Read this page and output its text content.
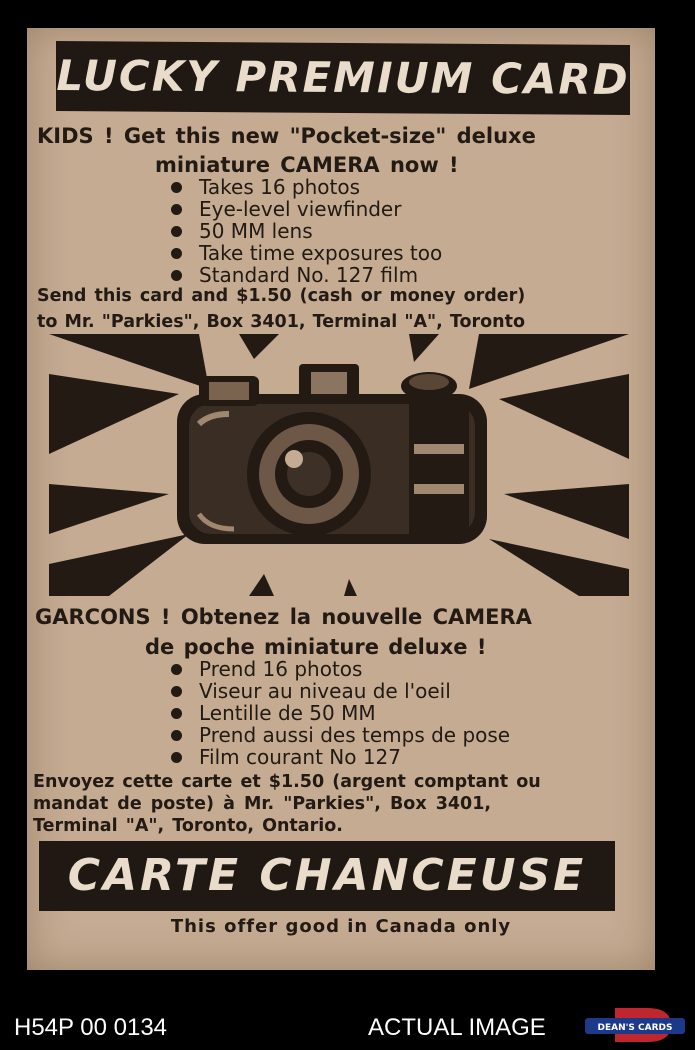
LUCKY PREMIUM CARD
KIDS ! Get this new "Pocket-size" deluxe
miniature CAMERA now !
Takes 16 photos
Eye-level viewfinder
50 MM lens
Take time exposures too
Standard No. 127 film
Send this card and $1.50 (cash or money order)
to Mr. "Parkies", Box 3401, Terminal "A", Toronto
GARCONS ! Obtenez la nouvelle CAMERA
de poche miniature deluxe !
Prend 16 photos
Viseur au niveau de l'oeil
Lentille de 50 MM
Prend aussi des temps de pose
Film courant No 127
Envoyez cette carte et $1.50 (argent comptant ou
mandat de poste) à Mr. "Parkies", Box 3401,
Terminal "A", Toronto, Ontario.
CARTE CHANCEUSE
This offer good in Canada only
H54P 00 0134	ACTUAL IMAGE	DEAN'S CARDS
